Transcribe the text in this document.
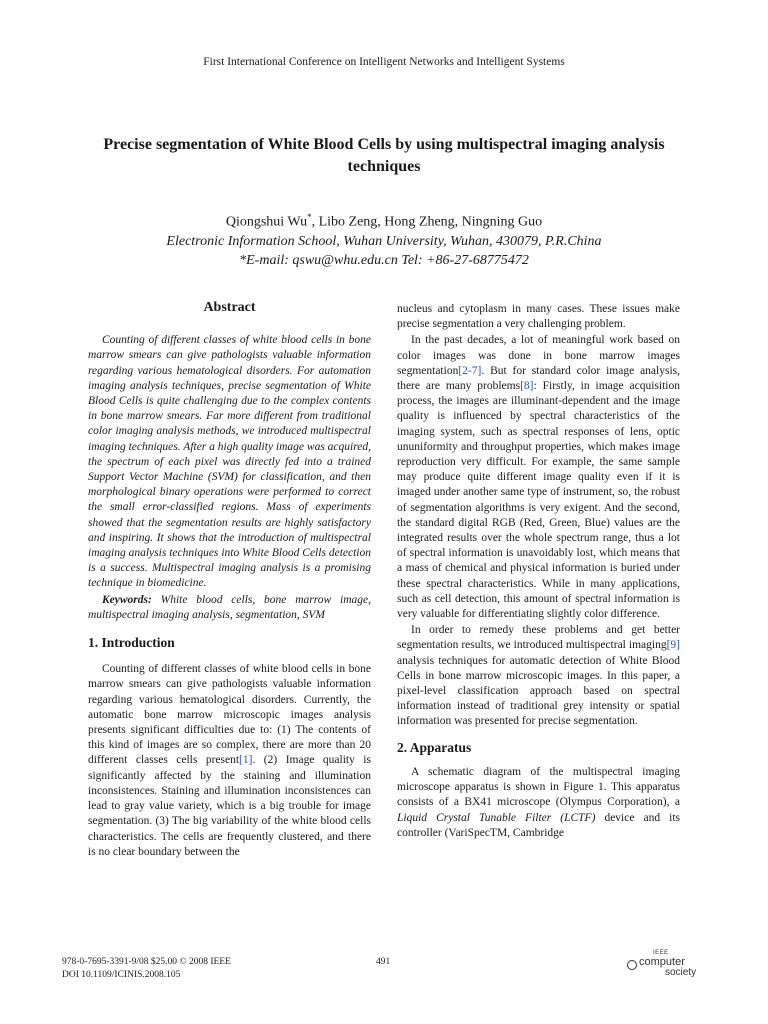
First International Conference on Intelligent Networks and Intelligent Systems
Precise segmentation of White Blood Cells by using multispectral imaging analysis techniques
Qiongshui Wu*, Libo Zeng, Hong Zheng, Ningning Guo
Electronic Information School, Wuhan University, Wuhan, 430079, P.R.China
*E-mail: qswu@whu.edu.cn Tel: +86-27-68775472
Abstract

Counting of different classes of white blood cells in bone marrow smears can give pathologists valuable information regarding various hematological disorders. For automation imaging analysis techniques, precise segmentation of White Blood Cells is quite challenging due to the complex contents in bone marrow smears. Far more different from traditional color imaging analysis methods, we introduced multispectral imaging techniques. After a high quality image was acquired, the spectrum of each pixel was directly fed into a trained Support Vector Machine (SVM) for classification, and then morphological binary operations were performed to correct the small error-classified regions. Mass of experiments showed that the segmentation results are highly satisfactory and inspiring. It shows that the introduction of multispectral imaging analysis techniques into White Blood Cells detection is a success. Multispectral imaging analysis is a promising technique in biomedicine.

Keywords: White blood cells, bone marrow image, multispectral imaging analysis, segmentation, SVM

1. Introduction

Counting of different classes of white blood cells in bone marrow smears can give pathologists valuable information regarding various hematological disorders. Currently, the automatic bone marrow microscopic images analysis presents significant difficulties due to: (1) The contents of this kind of images are so complex, there are more than 20 different classes cells present[1]. (2) Image quality is significantly affected by the staining and illumination inconsistences. Staining and illumination inconsistences can lead to gray value variety, which is a big trouble for image segmentation. (3) The big variability of the white blood cells characteristics. The cells are frequently clustered, and there is no clear boundary between the

nucleus and cytoplasm in many cases. These issues make precise segmentation a very challenging problem.

In the past decades, a lot of meaningful work based on color images was done in bone marrow images segmentation[2-7]. But for standard color image analysis, there are many problems[8]: Firstly, in image acquisition process, the images are illuminant-dependent and the image quality is influenced by spectral characteristics of the imaging system, such as spectral responses of lens, optic ununiformity and throughput properties, which makes image reproduction very difficult. For example, the same sample may produce quite different image quality even if it is imaged under another same type of instrument, so, the robust of segmentation algorithms is very exigent. And the second, the standard digital RGB (Red, Green, Blue) values are the integrated results over the whole spectrum range, thus a lot of spectral information is unavoidably lost, which means that a mass of chemical and physical information is buried under these spectral characteristics. While in many applications, such as cell detection, this amount of spectral information is very valuable for differentiating slightly color difference.

In order to remedy these problems and get better segmentation results, we introduced multispectral imaging[9] analysis techniques for automatic detection of White Blood Cells in bone marrow microscopic images. In this paper, a pixel-level classification approach based on spectral information instead of traditional grey intensity or spatial information was presented for precise segmentation.

2. Apparatus

A schematic diagram of the multispectral imaging microscope apparatus is shown in Figure 1. This apparatus consists of a BX41 microscope (Olympus Corporation), a Liquid Crystal Tunable Filter (LCTF) device and its controller (VariSpecTM, Cambridge

978-0-7695-3391-9/08 $25.00 © 2008 IEEE
DOI 10.1109/ICINIS.2008.105
491
IEEE
computer
society
